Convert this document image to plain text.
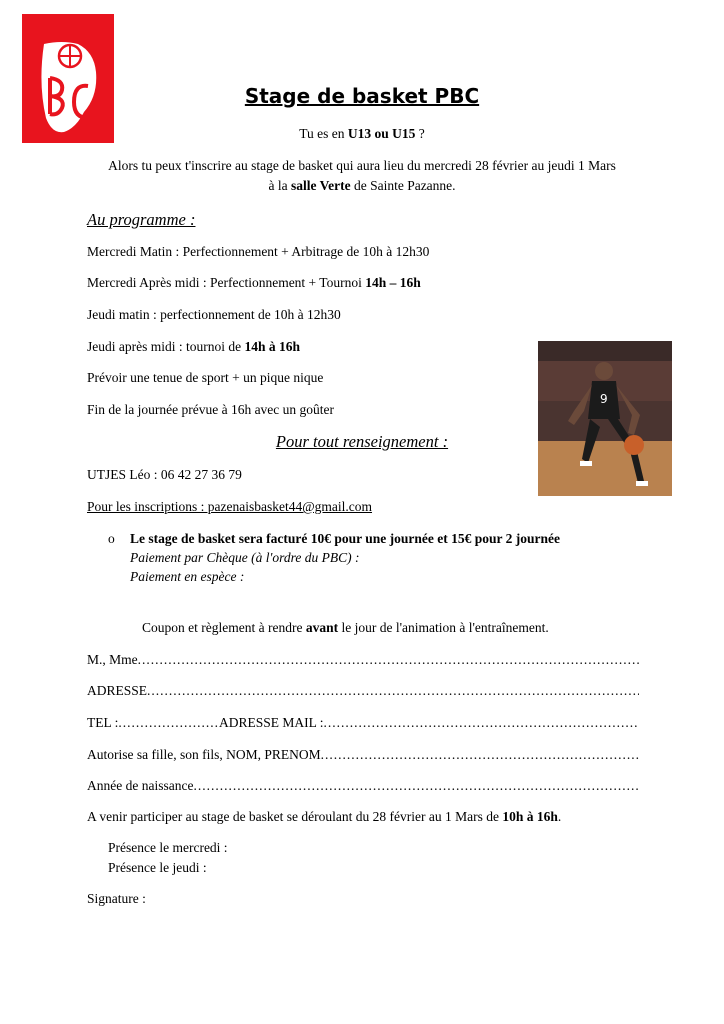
Stage de basket PBC
Tu es en U13 ou U15 ?
Alors tu peux t'inscrire au stage de basket qui aura lieu du mercredi 28 février au jeudi 1 Mars
à la salle Verte de Sainte Pazanne.
Au programme :
Mercredi Matin : Perfectionnement + Arbitrage de 10h à 12h30
Mercredi Après midi : Perfectionnement + Tournoi 14h – 16h
Jeudi matin : perfectionnement de 10h à 12h30
Jeudi après midi : tournoi de 14h à 16h
Prévoir une tenue de sport + un pique nique
Fin de la journée prévue à 16h avec un goûter
9
Pour tout renseignement :
UTJES Léo : 06 42 27 36 79
Pour les inscriptions : pazenaisbasket44@gmail.com
o Le stage de basket sera facturé 10€ pour une journée et 15€ pour 2 journée
Paiement par Chèque (à l'ordre du PBC) :
Paiement en espèce :
Coupon et règlement à rendre avant le jour de l'animation à l'entraînement.
M., Mme
.....
ADRESSE
.....
TEL :
.....	ADRESSE MAIL :
.....
Autorise sa fille, son fils, NOM, PRENOM
.....
Année de naissance
.....
A venir participer au stage de basket se déroulant du 28 février au 1 Mars de 10h à 16h.
Présence le mercredi :
Présence le jeudi :
Signature :
